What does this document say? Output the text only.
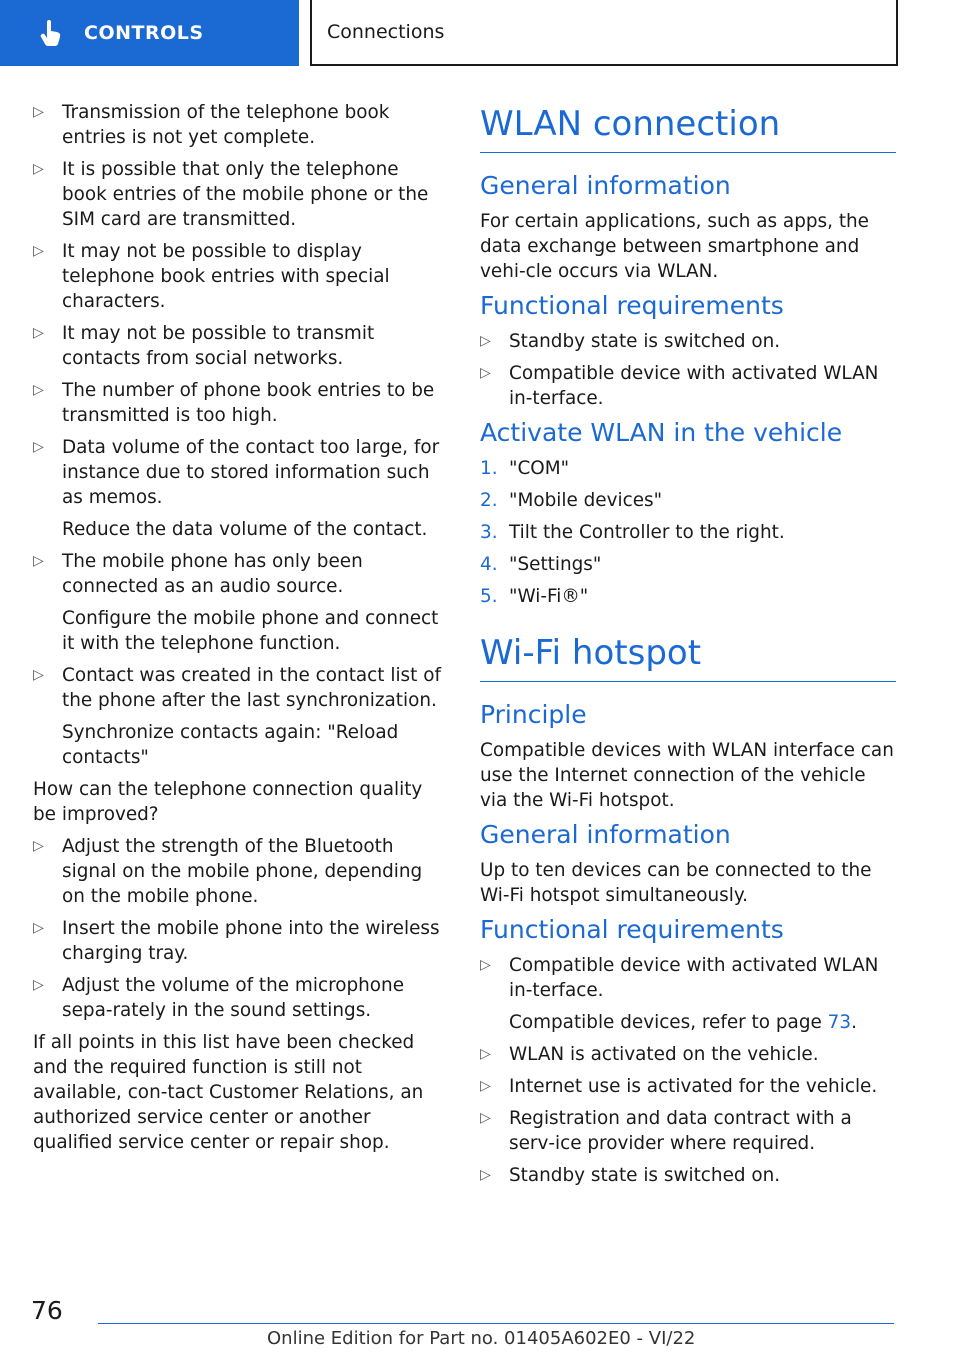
CONTROLS	Connections
▷ Transmission of the telephone book entries is not yet complete.
▷ It is possible that only the telephone book entries of the mobile phone or the SIM card are transmitted.
▷ It may not be possible to display telephone book entries with special characters.
▷ It may not be possible to transmit contacts from social networks.
▷ The number of phone book entries to be transmitted is too high.
▷ Data volume of the contact too large, for instance due to stored information such as memos.
Reduce the data volume of the contact.
▷ The mobile phone has only been connected as an audio source.
Configure the mobile phone and connect it with the telephone function.
▷ Contact was created in the contact list of the phone after the last synchronization.
Synchronize contacts again: "Reload contacts"
How can the telephone connection quality be improved?
▷ Adjust the strength of the Bluetooth signal on the mobile phone, depending on the mobile phone.
▷ Insert the mobile phone into the wireless charging tray.
▷ Adjust the volume of the microphone sepa‐rately in the sound settings.
If all points in this list have been checked and the required function is still not available, con‐tact Customer Relations, an authorized service center or another qualified service center or repair shop.
WLAN connection
General information
For certain applications, such as apps, the data exchange between smartphone and vehi‐cle occurs via WLAN.
Functional requirements
▷ Standby state is switched on.
▷ Compatible device with activated WLAN in‐terface.
Activate WLAN in the vehicle
1. "COM"
2. "Mobile devices"
3. Tilt the Controller to the right.
4. "Settings"
5. "Wi-Fi®"
Wi-Fi hotspot
Principle
Compatible devices with WLAN interface can use the Internet connection of the vehicle via the Wi-Fi hotspot.
General information
Up to ten devices can be connected to the Wi-Fi hotspot simultaneously.
Functional requirements
▷ Compatible device with activated WLAN in‐terface.
Compatible devices, refer to page 73.
▷ WLAN is activated on the vehicle.
▷ Internet use is activated for the vehicle.
▷ Registration and data contract with a serv‐ice provider where required.
▷ Standby state is switched on.
76
Online Edition for Part no. 01405A602E0 - VI/22
